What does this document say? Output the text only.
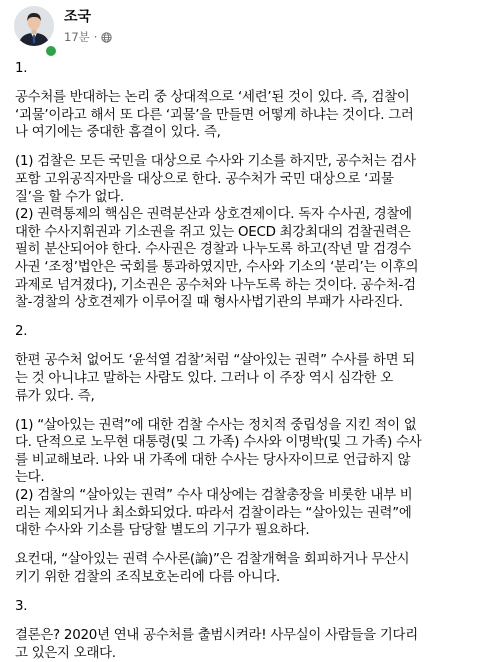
조국
17분 ·
1.
공수처를 반대하는 논리 중 상대적으로 ‘세련’된 것이 있다. 즉, 검찰이
‘괴물’이라고 해서 또 다른 ‘괴물’을 만들면 어떻게 하냐는 것이다. 그러
나 여기에는 중대한 흠결이 있다. 즉,
(1) 검찰은 모든 국민을 대상으로 수사와 기소를 하지만, 공수처는 검사
포함 고위공직자만을 대상으로 한다. 공수처가 국민 대상으로 ‘괴물
질’을 할 수가 없다.
(2) 권력통제의 핵심은 권력분산과 상호견제이다. 독자 수사권, 경찰에
대한 수사지휘권과 기소권을 쥐고 있는 OECD 최강최대의 검찰권력은
필히 분산되어야 한다. 수사권은 경찰과 나누도록 하고(작년 말 검경수
사권 ‘조정’법안은 국회를 통과하였지만, 수사와 기소의 ‘분리’는 이후의
과제로 넘겨졌다), 기소권은 공수처와 나누도록 하는 것이다. 공수처-검
찰-경찰의 상호견제가 이루어질 때 형사사법기관의 부패가 사라진다.
2.
한편 공수처 없어도 ‘윤석열 검찰’처럼 “살아있는 권력” 수사를 하면 되
는 것 아니냐고 말하는 사람도 있다. 그러나 이 주장 역시 심각한 오
류가 있다. 즉,
(1) “살아있는 권력”에 대한 검찰 수사는 정치적 중립성을 지킨 적이 없
다. 단적으로 노무현 대통령(및 그 가족) 수사와 이명박(및 그 가족) 수사
를 비교해보라. 나와 내 가족에 대한 수사는 당사자이므로 언급하지 않
는다.
(2) 검찰의 “살아있는 권력” 수사 대상에는 검찰총장을 비롯한 내부 비
리는 제외되거나 최소화되었다. 따라서 검찰이라는 “살아있는 권력”에
대한 수사와 기소를 담당할 별도의 기구가 필요하다.
요컨대, “살아있는 권력 수사론(論)”은 검찰개혁을 회피하거나 무산시
키기 위한 검찰의 조직보호논리에 다름 아니다.
3.
결론은? 2020년 연내 공수처를 출범시켜라! 사무실이 사람들을 기다리
고 있은지 오래다.
